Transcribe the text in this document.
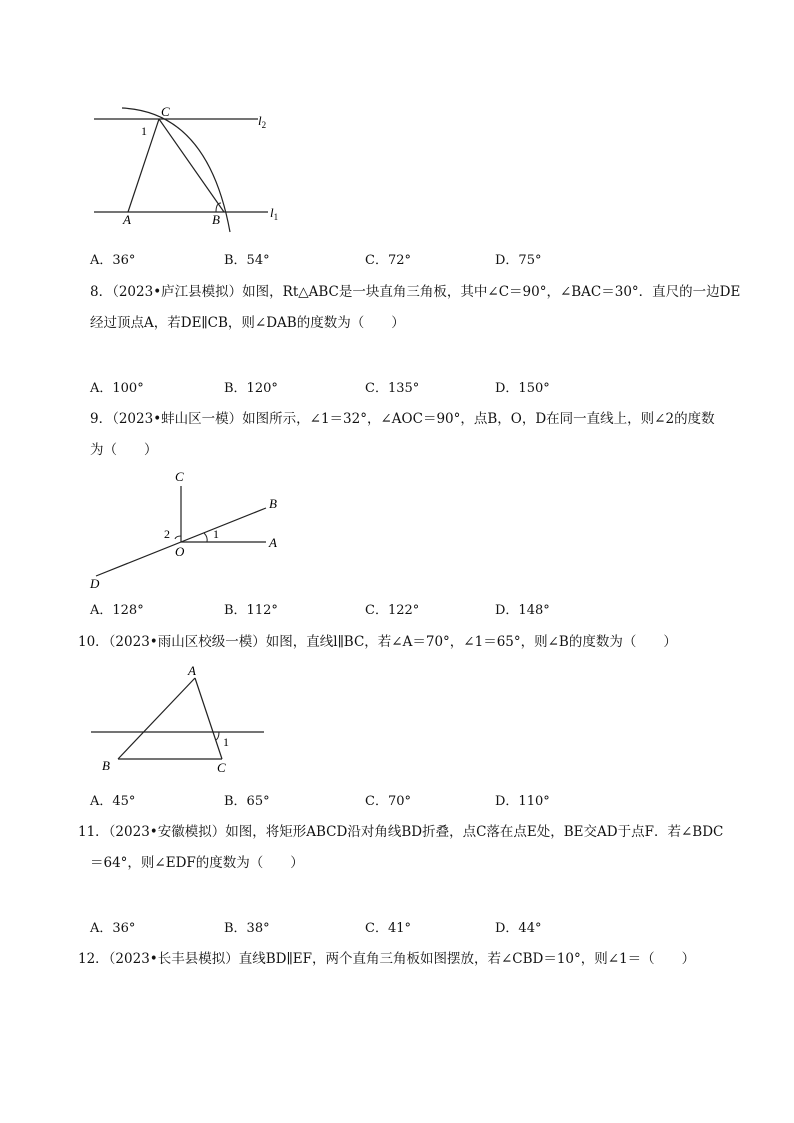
C
1
A	B
$l_2$
$l_1$
A．36°	B．54°	C．72°	D．75°
8．（2023•庐江县模拟）如图，Rt△ABC是一块直角三角板，其中∠C＝90°，∠BAC＝30°．直尺的一边DE
经过顶点A，若DE∥CB，则∠DAB的度数为（　　）
A．100°	B．120°	C．135°	D．150°
9．（2023•蚌山区一模）如图所示，∠1＝32°，∠AOC＝90°，点B，O，D在同一直线上，则∠2的度数
为（　　）
C
B
2	1
O
A
D
A．128°	B．112°	C．122°	D．148°
10．（2023•雨山区校级一模）如图，直线l∥BC，若∠A＝70°，∠1＝65°，则∠B的度数为（　　）
A
1
B	C
A．45°	B．65°	C．70°	D．110°
11．（2023•安徽模拟）如图，将矩形ABCD沿对角线BD折叠，点C落在点E处，BE交AD于点F．若∠BDC
＝64°，则∠EDF的度数为（　　）
A．36°	B．38°	C．41°	D．44°
12．（2023•长丰县模拟）直线BD∥EF，两个直角三角板如图摆放，若∠CBD＝10°，则∠1＝（　　）
